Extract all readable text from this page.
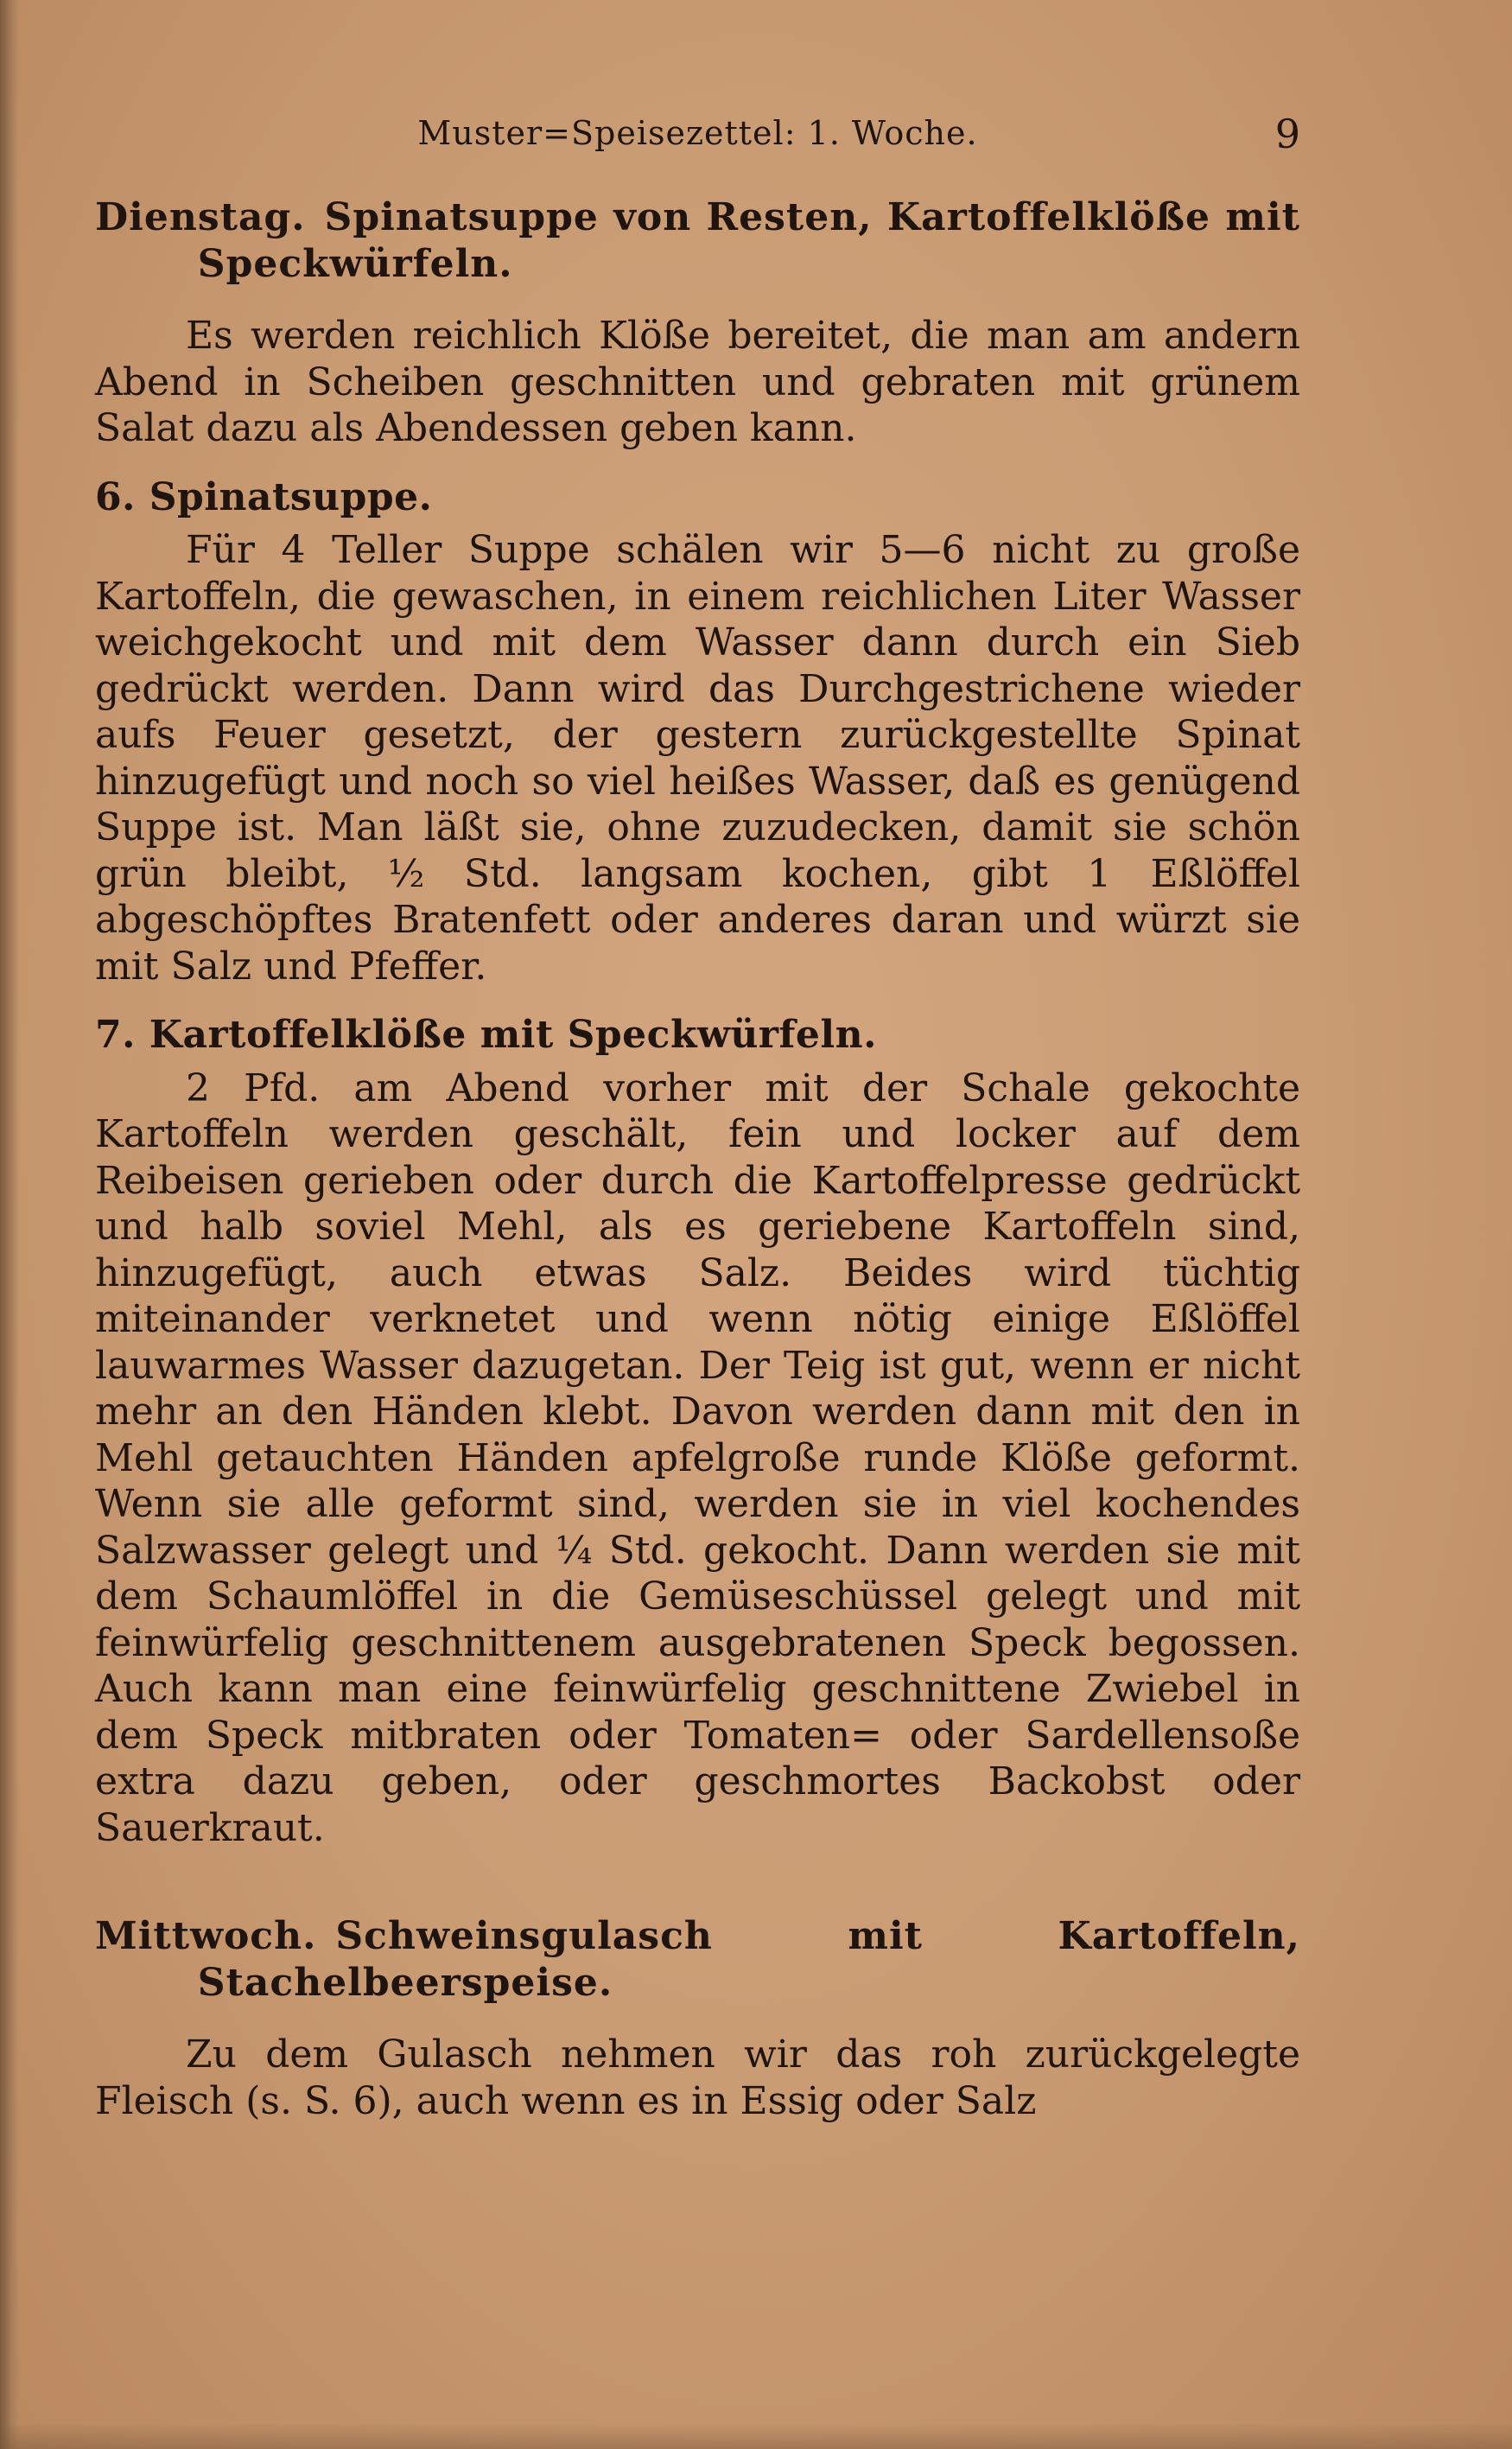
Muster=Speisezettel: 1. Woche.	9

Dienstag. Spinatsuppe von Resten, Kartoffelklöße mit Speckwürfeln.

Es werden reichlich Klöße bereitet, die man am andern Abend in Scheiben geschnitten und gebraten mit grünem Salat dazu als Abendessen geben kann.

6. Spinatsuppe.

Für 4 Teller Suppe schälen wir 5—6 nicht zu große Kartoffeln, die gewaschen, in einem reichlichen Liter Wasser weichgekocht und mit dem Wasser dann durch ein Sieb gedrückt werden. Dann wird das Durchgestrichene wieder aufs Feuer gesetzt, der gestern zurückgestellte Spinat hinzugefügt und noch so viel heißes Wasser, daß es genügend Suppe ist. Man läßt sie, ohne zuzudecken, damit sie schön grün bleibt, ½ Std. langsam kochen, gibt 1 Eßlöffel abgeschöpftes Bratenfett oder anderes daran und würzt sie mit Salz und Pfeffer.

7. Kartoffelklöße mit Speckwürfeln.

2 Pfd. am Abend vorher mit der Schale gekochte Kartoffeln werden geschält, fein und locker auf dem Reibeisen gerieben oder durch die Kartoffelpresse gedrückt und halb soviel Mehl, als es geriebene Kartoffeln sind, hinzugefügt, auch etwas Salz. Beides wird tüchtig miteinander verknetet und wenn nötig einige Eßlöffel lauwarmes Wasser dazugetan. Der Teig ist gut, wenn er nicht mehr an den Händen klebt. Davon werden dann mit den in Mehl getauchten Händen apfelgroße runde Klöße geformt. Wenn sie alle geformt sind, werden sie in viel kochendes Salzwasser gelegt und ¼ Std. gekocht. Dann werden sie mit dem Schaumlöffel in die Gemüseschüssel gelegt und mit feinwürfelig geschnittenem ausgebratenen Speck begossen. Auch kann man eine feinwürfelig geschnittene Zwiebel in dem Speck mitbraten oder Tomaten= oder Sardellensoße extra dazu geben, oder geschmortes Backobst oder Sauerkraut.

Mittwoch. Schweinsgulasch mit Kartoffeln, Stachelbeerspeise.

Zu dem Gulasch nehmen wir das roh zurückgelegte Fleisch (s. S. 6), auch wenn es in Essig oder Salz
